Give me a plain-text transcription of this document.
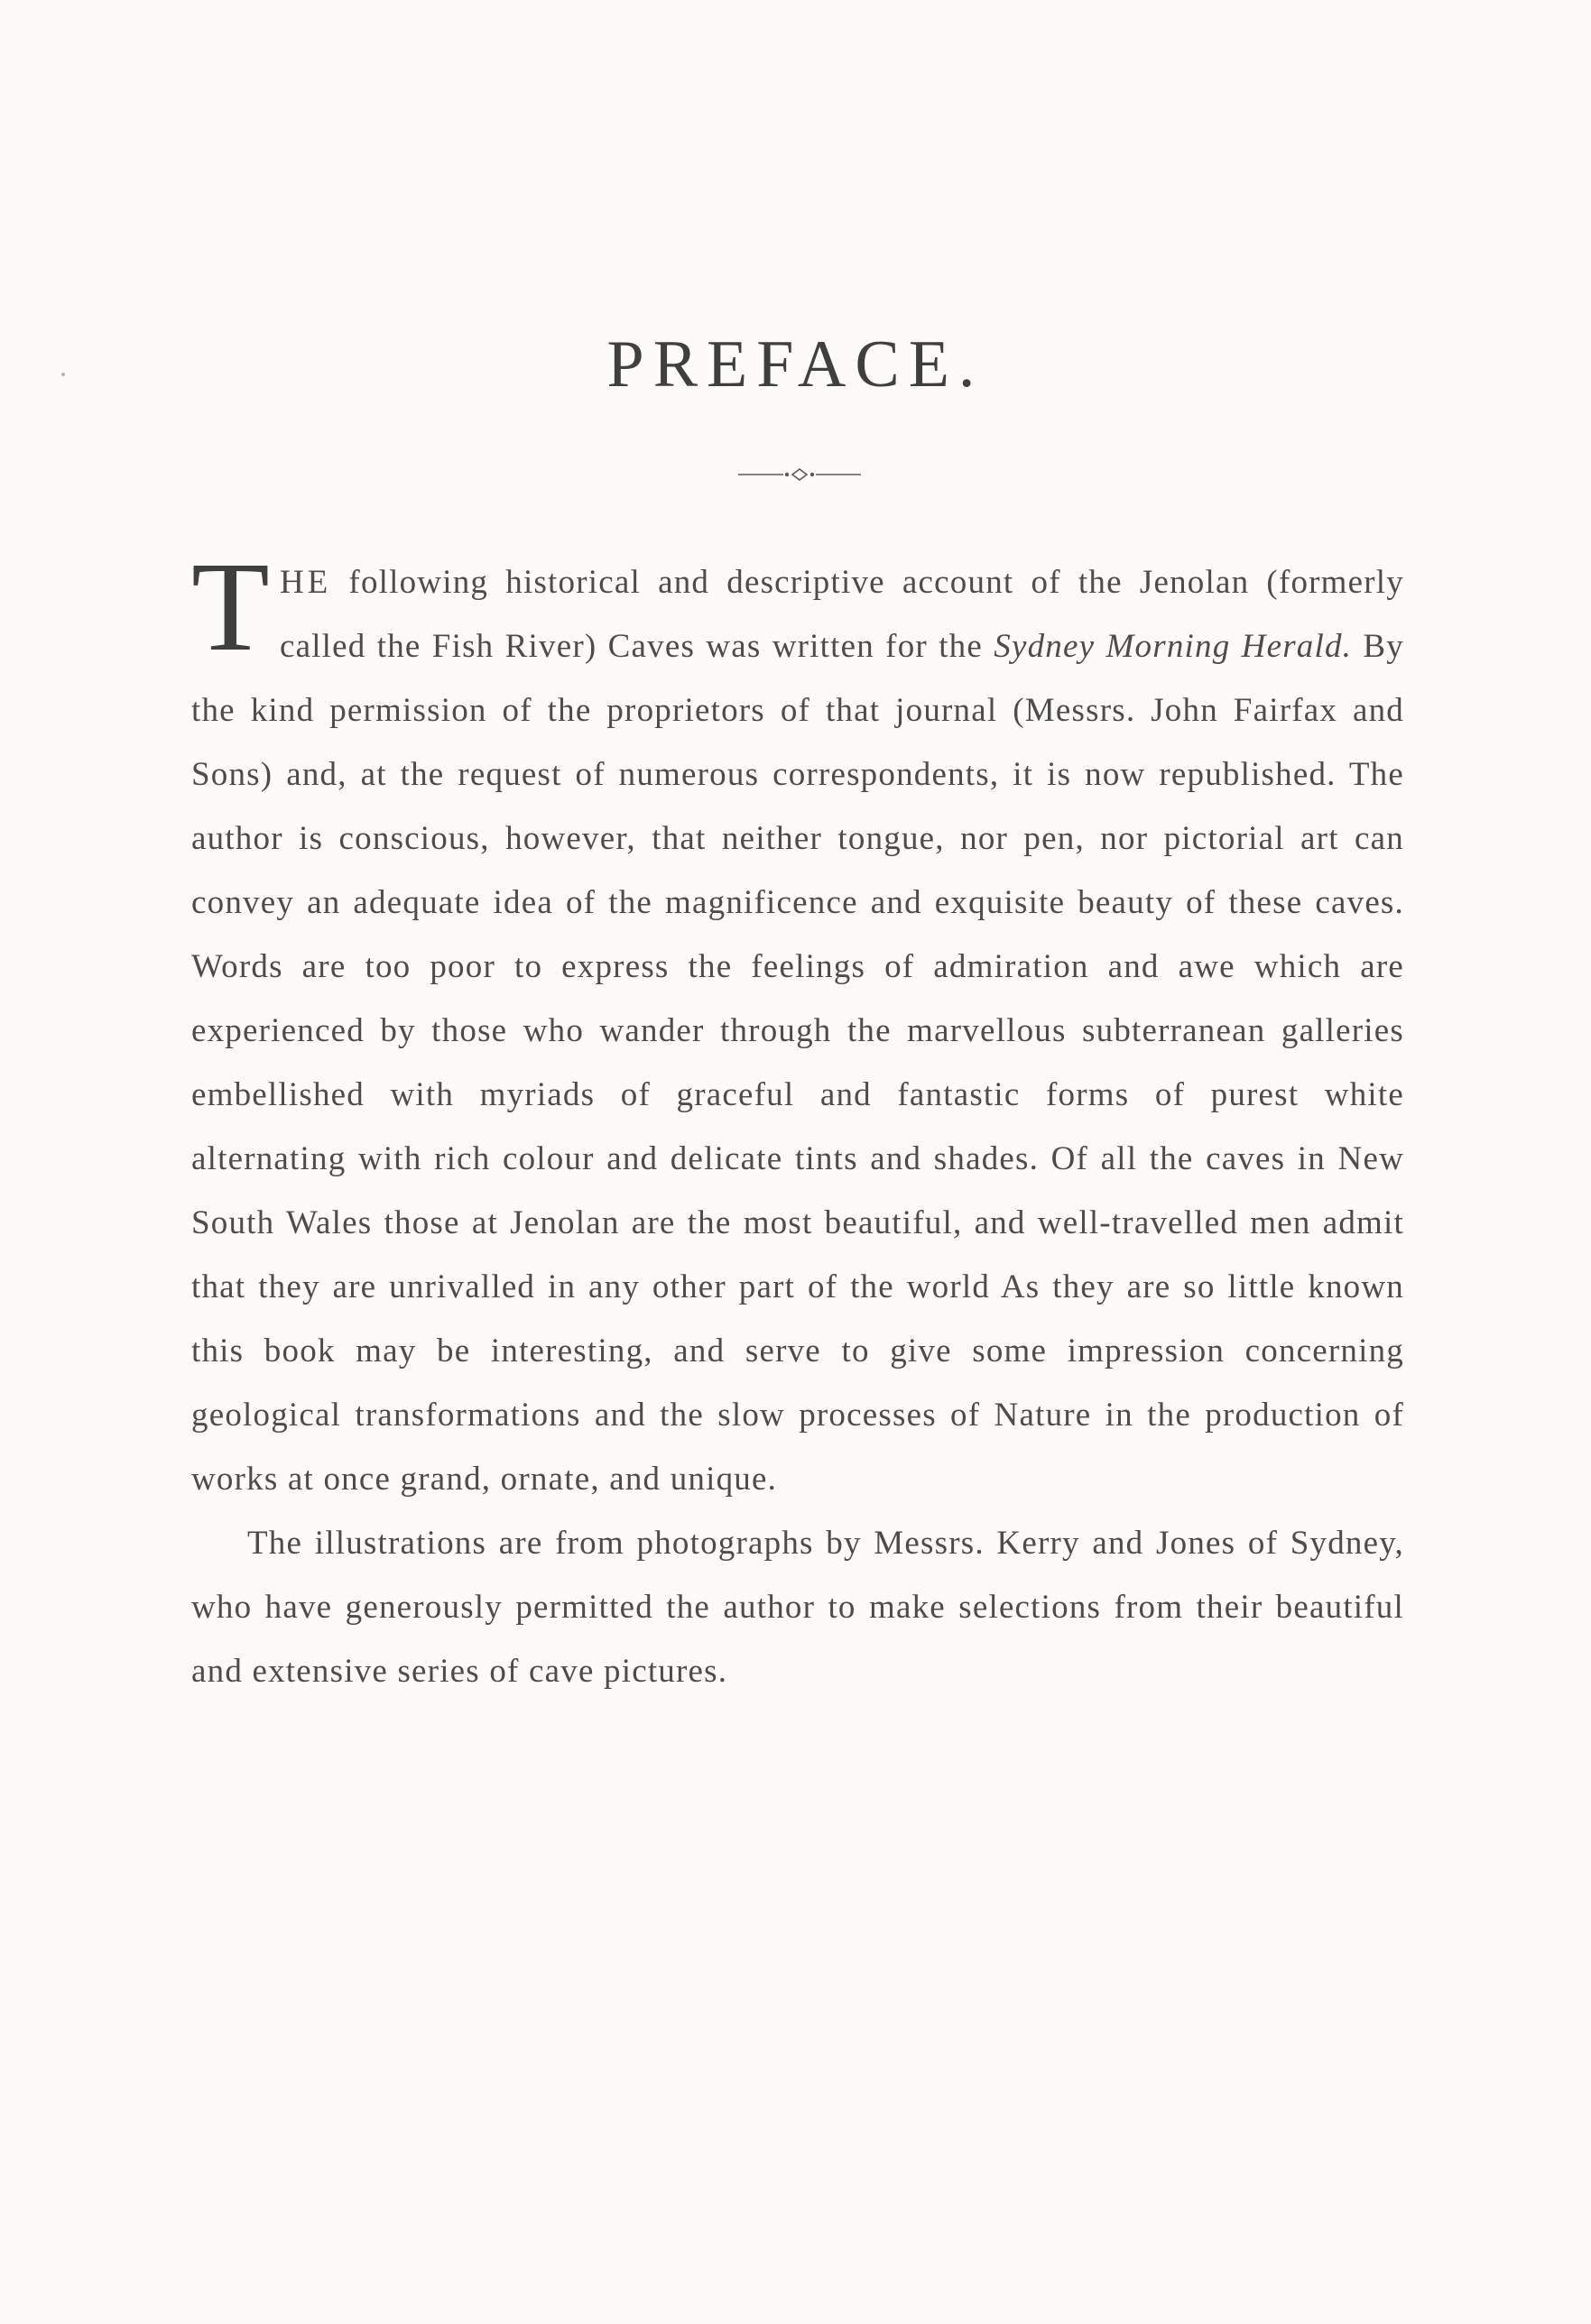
PREFACE.

THE following historical and descriptive account of the Jenolan (formerly called the Fish River) Caves was written for the Sydney Morning Herald. By the kind permission of the proprietors of that journal (Messrs. John Fairfax and Sons) and, at the request of numerous correspondents, it is now republished. The author is conscious, however, that neither tongue, nor pen, nor pictorial art can convey an adequate idea of the magnificence and exquisite beauty of these caves. Words are too poor to express the feelings of admiration and awe which are experienced by those who wander through the marvellous subterranean galleries embellished with myriads of graceful and fantastic forms of purest white alternating with rich colour and delicate tints and shades. Of all the caves in New South Wales those at Jenolan are the most beautiful, and well-travelled men admit that they are unrivalled in any other part of the world As they are so little known this book may be interesting, and serve to give some impression concerning geological transformations and the slow processes of Nature in the production of works at once grand, ornate, and unique.

The illustrations are from photographs by Messrs. Kerry and Jones of Sydney, who have generously permitted the author to make selections from their beautiful and extensive series of cave pictures.
